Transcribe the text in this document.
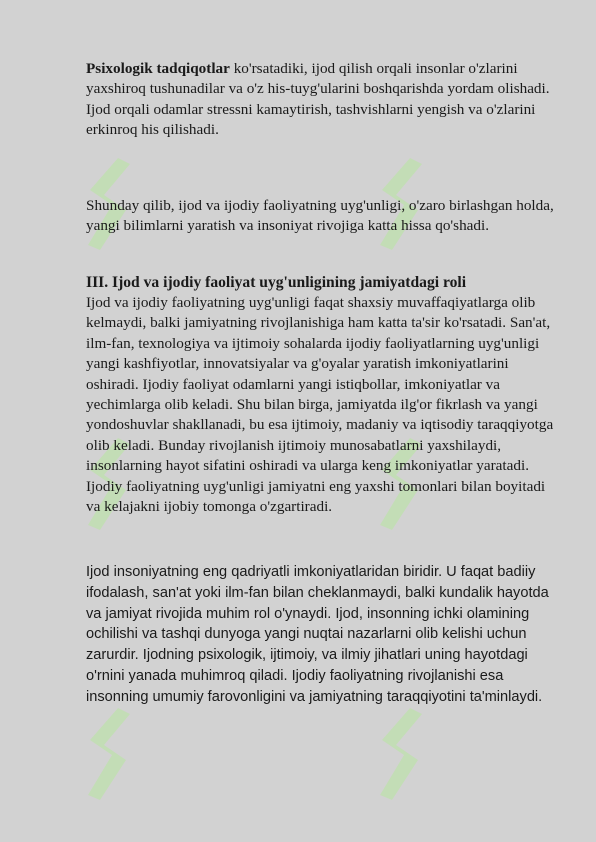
Psixologik tadqiqotlar ko'rsatadiki, ijod qilish orqali insonlar o'zlarini yaxshiroq tushunadilar va o'z his-tuyg'ularini boshqarishda yordam olishadi. Ijod orqali odamlar stressni kamaytirish, tashvishlarni yengish va o'zlarini erkinroq his qilishadi.
Shunday qilib, ijod va ijodiy faoliyatning uyg'unligi, o'zaro birlashgan holda, yangi bilimlarni yaratish va insoniyat rivojiga katta hissa qo'shadi.
III. Ijod va ijodiy faoliyat uyg'unligining jamiyatdagi roli
Ijod va ijodiy faoliyatning uyg'unligi faqat shaxsiy muvaffaqiyatlarga olib kelmaydi, balki jamiyatning rivojlanishiga ham katta ta'sir ko'rsatadi. San'at, ilm-fan, texnologiya va ijtimoiy sohalarda ijodiy faoliyatlarning uyg'unligi yangi kashfiyotlar, innovatsiyalar va g'oyalar yaratish imkoniyatlarini oshiradi. Ijodiy faoliyat odamlarni yangi istiqbollar, imkoniyatlar va yechimlarga olib keladi. Shu bilan birga, jamiyatda ilg'or fikrlash va yangi yondoshuvlar shakllanadi, bu esa ijtimoiy, madaniy va iqtisodiy taraqqiyotga olib keladi. Bunday rivojlanish ijtimoiy munosabatlarni yaxshilaydi, insonlarning hayot sifatini oshiradi va ularga keng imkoniyatlar yaratadi. Ijodiy faoliyatning uyg'unligi jamiyatni eng yaxshi tomonlari bilan boyitadi va kelajakni ijobiy tomonga o'zgartiradi.
Ijod insoniyatning eng qadriyatli imkoniyatlaridan biridir. U faqat badiiy ifodalash, san'at yoki ilm-fan bilan cheklanmaydi, balki kundalik hayotda va jamiyat rivojida muhim rol o'ynaydi. Ijod, insonning ichki olamining ochilishi va tashqi dunyoga yangi nuqtai nazarlarni olib kelishi uchun zarurdir. Ijodning psixologik, ijtimoiy, va ilmiy jihatlari uning hayotdagi o'rnini yanada muhimroq qiladi. Ijodiy faoliyatning rivojlanishi esa insonning umumiy farovonligini va jamiyatning taraqqiyotini ta'minlaydi.
